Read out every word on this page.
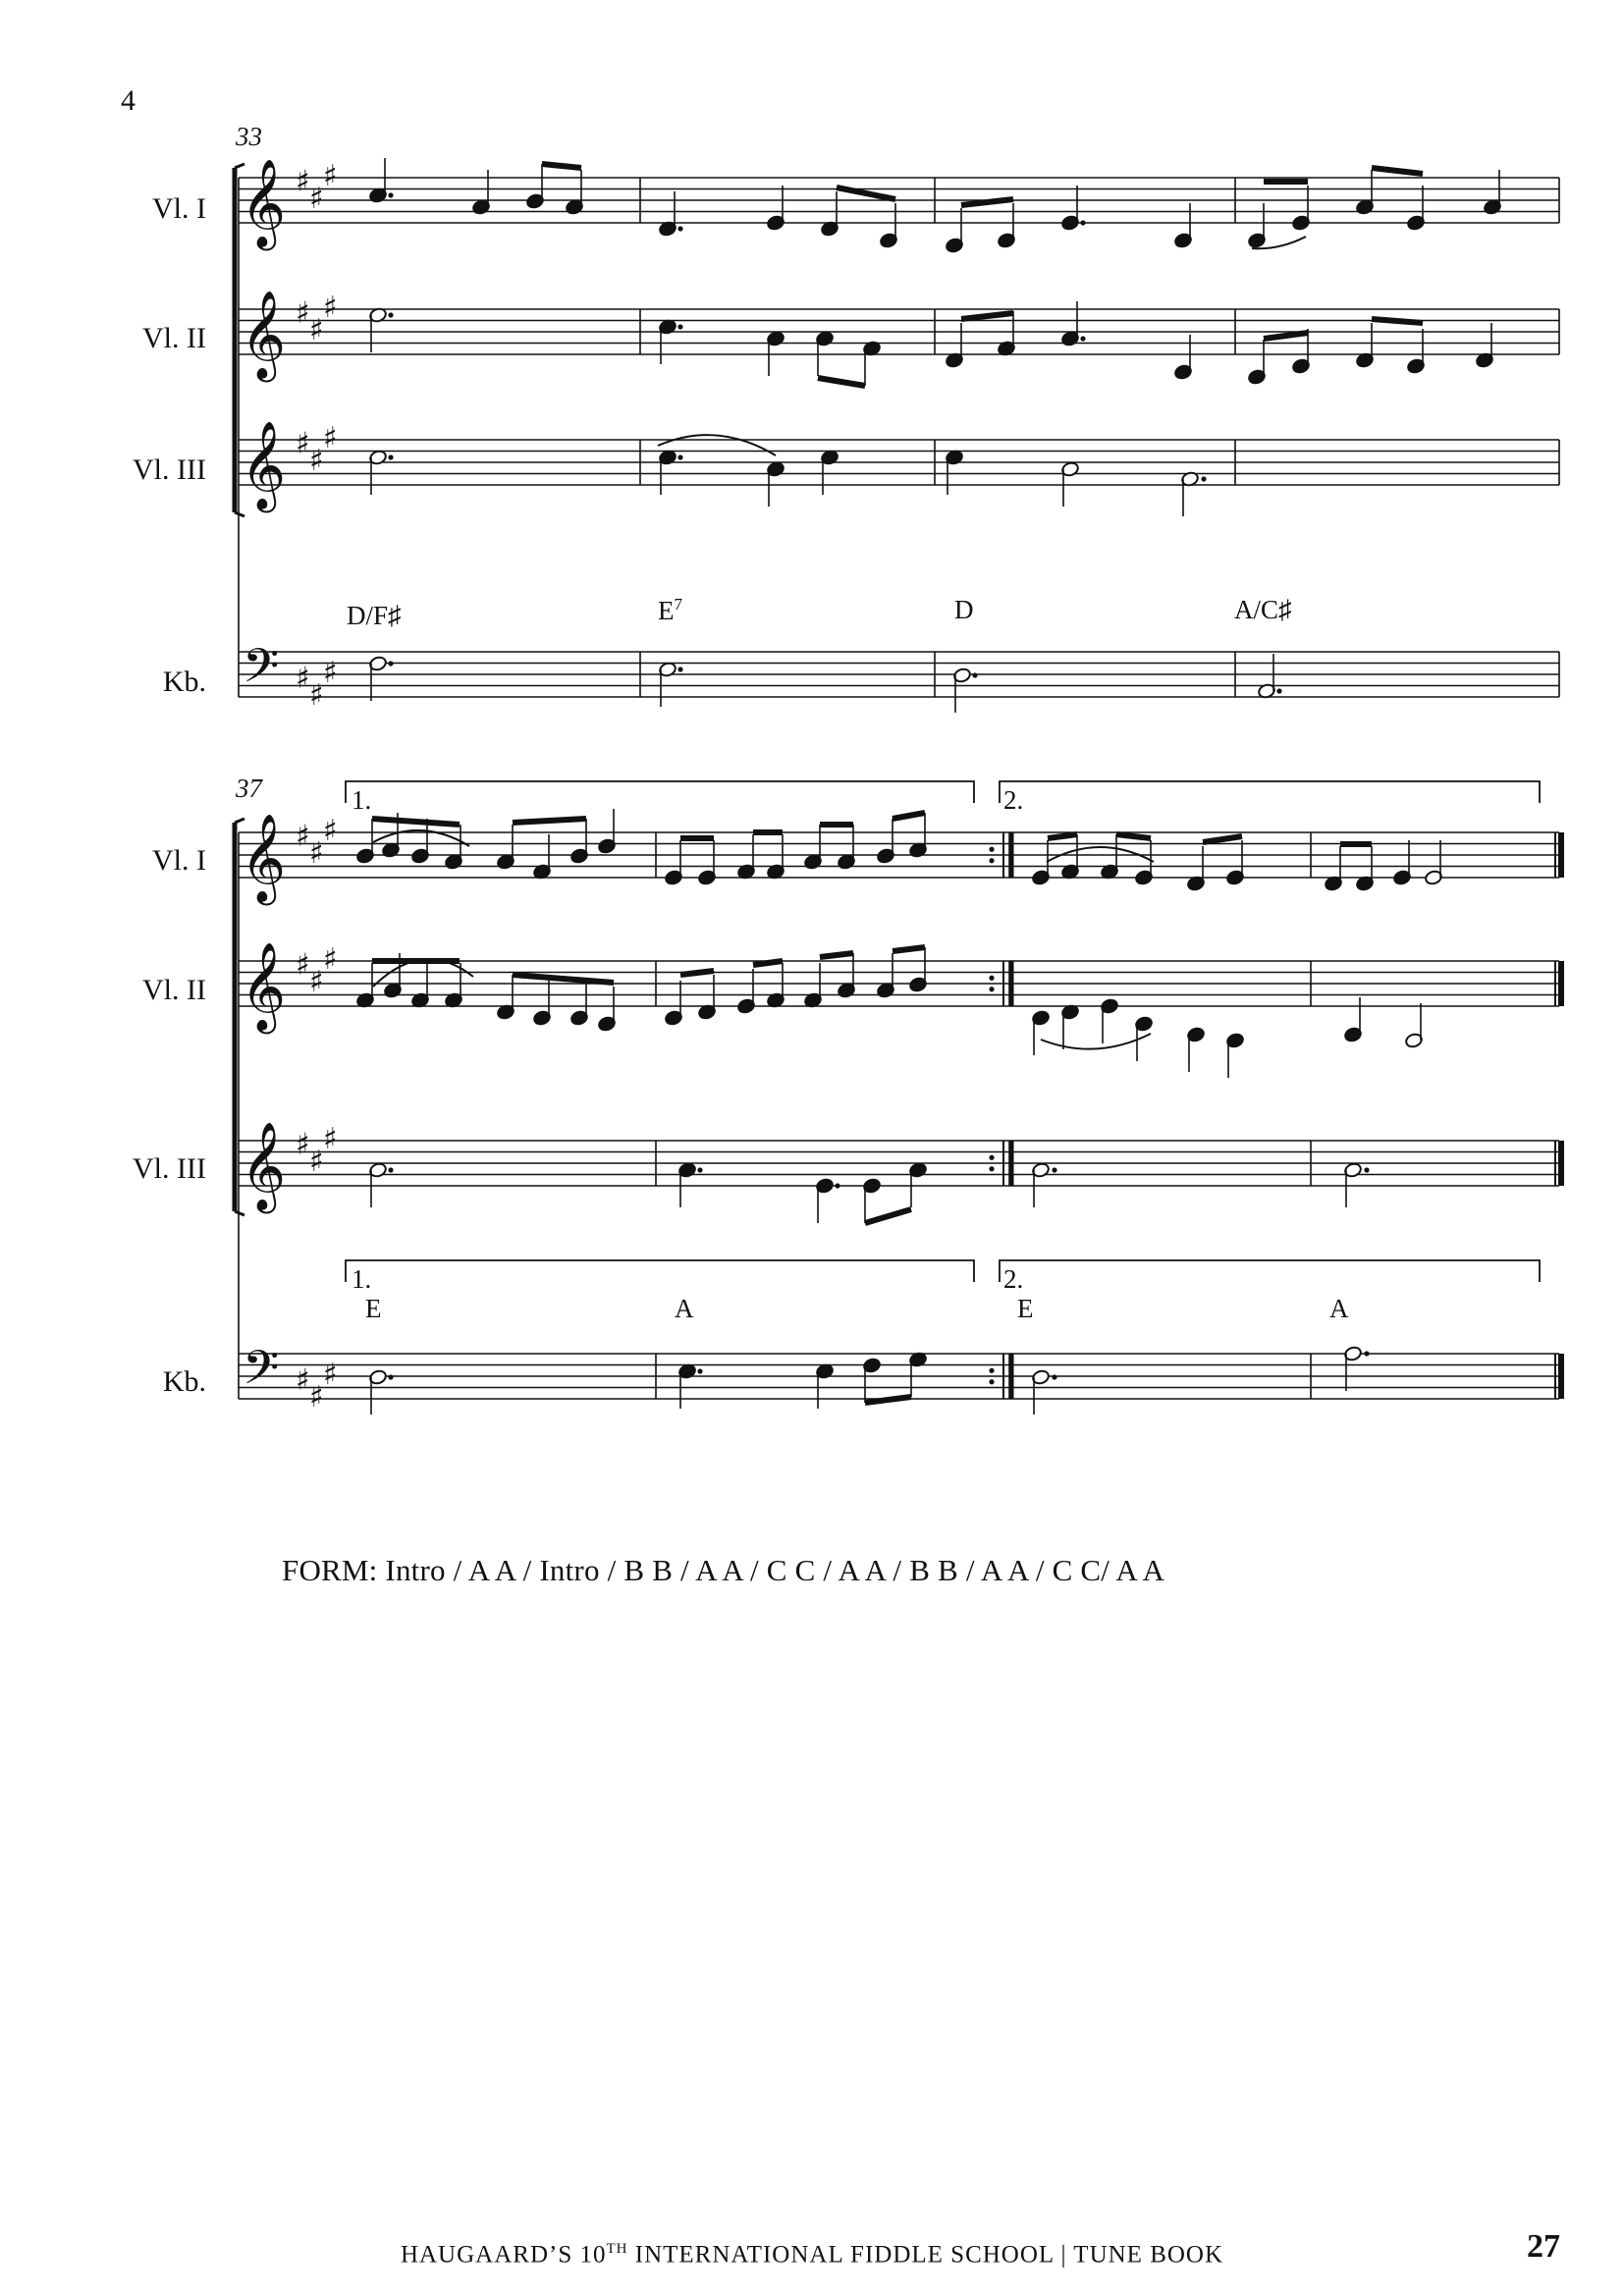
4
𝄞 ♯ ♯
♯
𝄞 ♯ ♯
♯
𝄞 ♯ ♯
♯
𝄢 ♯ ♯
♯
𝄞 ♯ ♯
♯
𝄞 ♯ ♯
♯
𝄞 ♯ ♯
♯
𝄢 ♯ ♯
♯
33
37
Vl. I
Vl. II
Vl. III
Kb.
D/F♯	$E^7$	D	A/C♯
Vl. I
Vl. II
Vl. III
Kb.
1.	2.
1.	2.
E	A	E	A
FORM: Intro / A A / Intro / B B / A A / C C / A A / B B / A A / C C/ A A
HAUGAARD’S 10TH INTERNATIONAL FIDDLE SCHOOL | TUNE BOOK	27
